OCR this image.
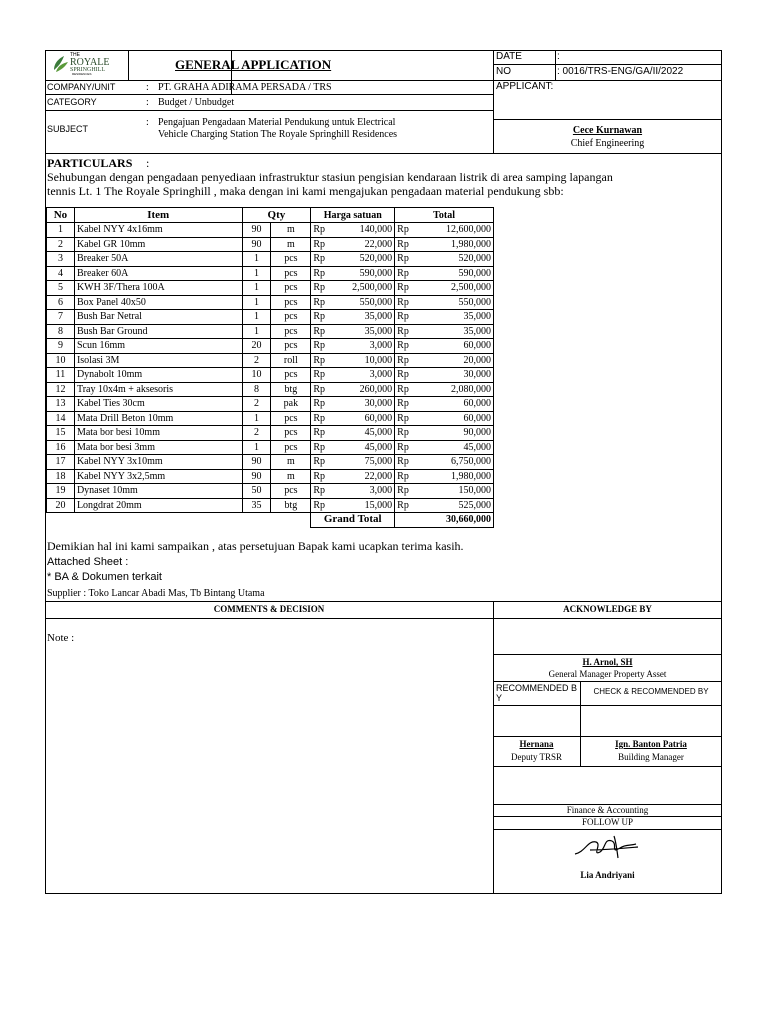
THE
ROYALE
SPRINGHILL
RESIDENCES
GENERAL APPLICATION
DATE	:
NO	: 0016/TRS-ENG/GA/II/2022
COMPANY/UNIT	: PT. GRAHA ADIRAMA PERSADA / TRS
CATEGORY	: Budget / Unbudget
SUBJECT
: Pengajuan Pengadaan Material Pendukung untuk Electrical
Vehicle Charging Station The Royale Springhill Residences
APPLICANT:
Cece Kurnawan
Chief Engineering
PARTICULARS :
Sehubungan dengan pengadaan penyediaan infrastruktur stasiun pengisian kendaraan listrik di area samping lapangan
tennis Lt. 1 The Royale Springhill , maka dengan ini kami mengajukan pengadaan material pendukung sbb:
No	Item	Qty		Harga satuan		Total	
1	Kabel NYY 4x16mm	90	m	Rp	140,000	Rp	12,600,000
2	Kabel GR 10mm	90	m	Rp	22,000	Rp	1,980,000
3	Breaker 50A	1	pcs	Rp	520,000	Rp	520,000
4	Breaker 60A	1	pcs	Rp	590,000	Rp	590,000
5	KWH 3F/Thera 100A	1	pcs	Rp	2,500,000	Rp	2,500,000
6	Box Panel 40x50	1	pcs	Rp	550,000	Rp	550,000
7	Bush Bar Netral	1	pcs	Rp	35,000	Rp	35,000
8	Bush Bar Ground	1	pcs	Rp	35,000	Rp	35,000
9	Scun 16mm	20	pcs	Rp	3,000	Rp	60,000
10	Isolasi 3M	2	roll	Rp	10,000	Rp	20,000
11	Dynabolt 10mm	10	pcs	Rp	3,000	Rp	30,000
12	Tray 10x4m + aksesoris	8	btg	Rp	260,000	Rp	2,080,000
13	Kabel Ties 30cm	2	pak	Rp	30,000	Rp	60,000
14	Mata Drill Beton 10mm	1	pcs	Rp	60,000	Rp	60,000
15	Mata bor besi 10mm	2	pcs	Rp	45,000	Rp	90,000
16	Mata bor besi 3mm	1	pcs	Rp	45,000	Rp	45,000
17	Kabel NYY 3x10mm	90	m	Rp	75,000	Rp	6,750,000
18	Kabel NYY 3x2,5mm	90	m	Rp	22,000	Rp	1,980,000
19	Dynaset 10mm	50	pcs	Rp	3,000	Rp	150,000
20	Longdrat 20mm	35	btg	Rp	15,000	Rp	525,000
				Grand Total		30,660,000	
Demikian hal ini kami sampaikan , atas persetujuan Bapak kami ucapkan terima kasih.
Attached Sheet :
* BA & Dokumen terkait
Supplier : Toko Lancar Abadi Mas, Tb Bintang Utama
COMMENTS & DECISION
Note :
ACKNOWLEDGE BY
H. Arnol, SH
General Manager Property Asset
RECOMMENDED BY
CHECK & RECOMMENDED BY
Hernana
Deputy TRSR
Ign. Banton Patria
Building Manager
Finance & Accounting
FOLLOW UP
Lia Andriyani
